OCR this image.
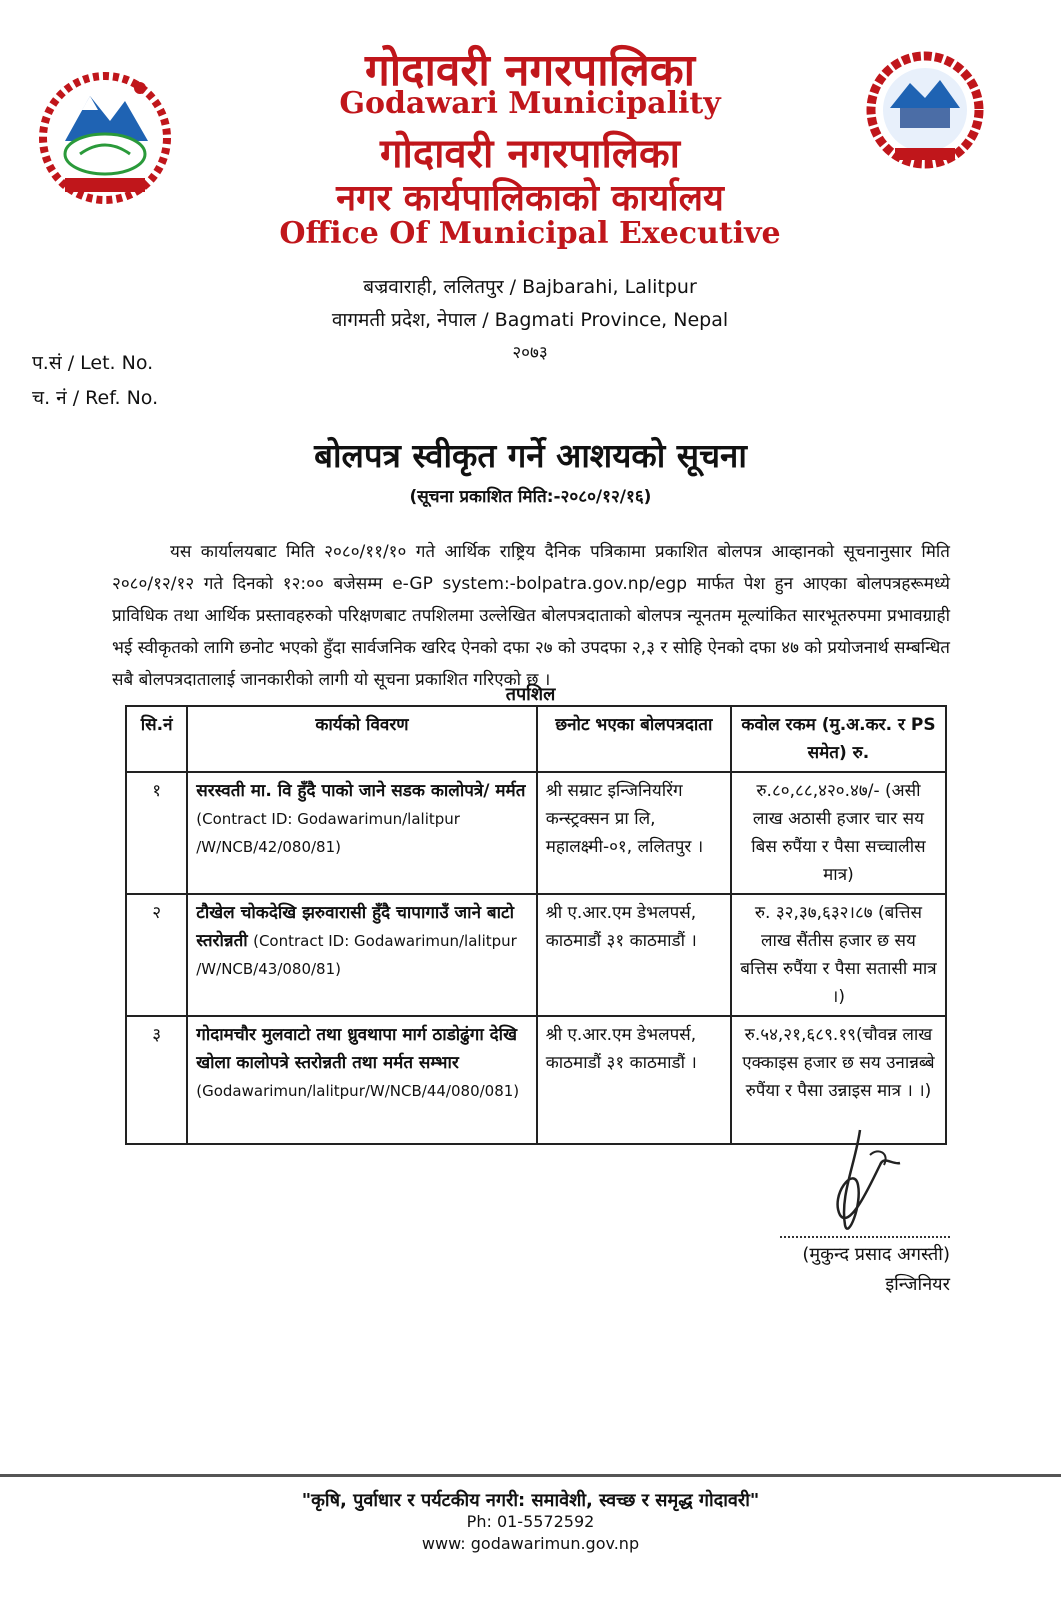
गोदावरी नगरपालिका
Godawari Municipality
गोदावरी नगरपालिका
नगर कार्यपालिकाको कार्यालय
Office Of Municipal Executive
बज्रवाराही, ललितपुर / Bajbarahi, Lalitpur
वागमती प्रदेश, नेपाल / Bagmati Province, Nepal
२०७३
प.सं / Let. No.
च. नं / Ref. No.
बोलपत्र स्वीकृत गर्ने आशयको सूचना
(सूचना प्रकाशित मिति:-२०८०/१२/१६)
यस कार्यालयबाट मिति २०८०/११/१० गते आर्थिक राष्ट्रिय दैनिक पत्रिकामा प्रकाशित बोलपत्र आव्हानको सूचनानुसार मिति २०८०/१२/१२ गते दिनको १२:०० बजेसम्म e-GP system:-bolpatra.gov.np/egp मार्फत पेश हुन आएका बोलपत्रहरूमध्ये प्राविधिक तथा आर्थिक प्रस्तावहरुको परिक्षणबाट तपशिलमा उल्लेखित बोलपत्रदाताको बोलपत्र न्यूनतम मूल्यांकित सारभूतरुपमा प्रभावग्राही भई स्वीकृतको लागि छनोट भएको हुँदा सार्वजनिक खरिद ऐनको दफा २७ को उपदफा २,३ र सोहि ऐनको दफा ४७ को प्रयोजनार्थ सम्बन्धित सबै बोलपत्रदातालाई जानकारीको लागी यो सूचना प्रकाशित गरिएको छ ।
तपशिल
सि.नं	कार्यको विवरण	छनोट भएका बोलपत्रदाता	कवोल रकम (मु.अ.कर. र PS समेत) रु.
१	सरस्वती मा. वि हुँदै पाको जाने सडक कालोपत्रे/ मर्मत (Contract ID: Godawarimun/lalitpur /W/NCB/42/080/81)	श्री सम्राट इन्जिनियरिंग कन्स्ट्रक्सन प्रा लि, महालक्ष्मी-०१, ललितपुर ।	रु.८०,८८,४२०.४७/- (असी लाख अठासी हजार चार सय बिस रुपैंया र पैसा सच्चालीस मात्र)
२	टौखेल चोकदेखि झरुवारासी हुँदै चापागाउँ जाने बाटो स्तरोन्नती (Contract ID: Godawarimun/lalitpur /W/NCB/43/080/81)	श्री ए.आर.एम डेभलपर्स, काठमाडौं ३१ काठमाडौं ।	रु. ३२,३७,६३२।८७ (बत्तिस लाख सैंतीस हजार छ सय बत्तिस रुपैंया र पैसा सतासी मात्र ।)
३	गोदामचौर मुलवाटो तथा ध्रुवथापा मार्ग ठाडोढुंगा देखि खोला कालोपत्रे स्तरोन्नती तथा मर्मत सम्भार (Godawarimun/lalitpur/W/NCB/44/080/081)	श्री ए.आर.एम डेभलपर्स, काठमाडौं ३१ काठमाडौं ।	रु.५४,२१,६८९.१९(चौवन्न लाख एक्काइस हजार छ सय उनान्नब्बे रुपैंया र पैसा उन्नाइस मात्र । ।)
(मुकुन्द प्रसाद अगस्ती)
इन्जिनियर
"कृषि, पुर्वाधार र पर्यटकीय नगरी: समावेशी, स्वच्छ र समृद्ध गोदावरी"
Ph: 01-5572592
www: godawarimun.gov.np
